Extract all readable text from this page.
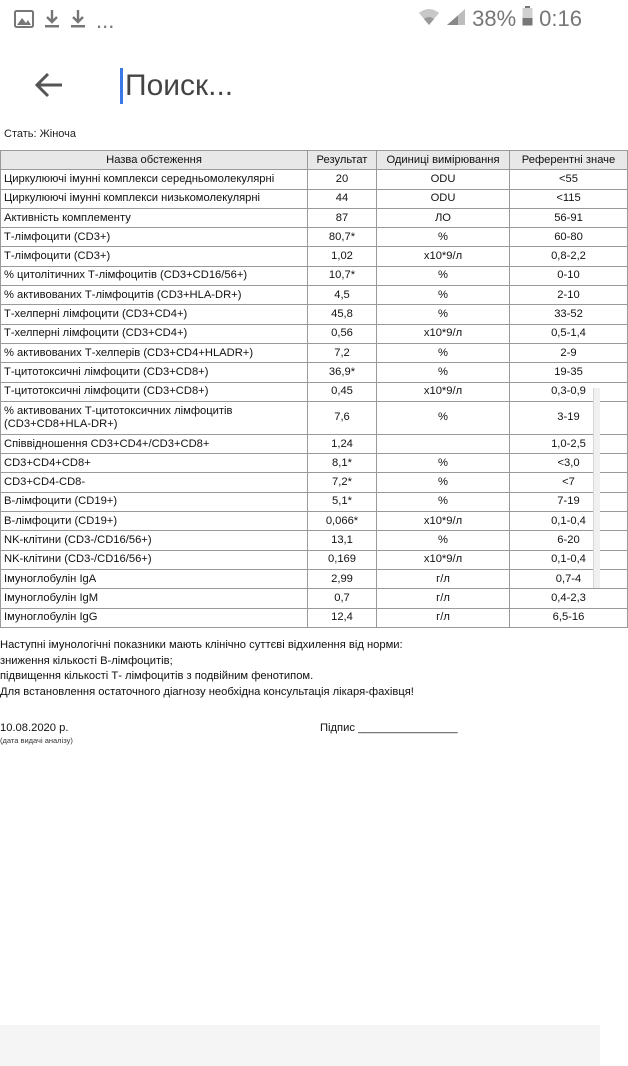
...	38% 0:16
Поиск...
Стать: Жіноча
Назва обстеження	Результат	Одиниці вимірювання	Референтні значе
Циркулюючі імунні комплекси середньомолекулярні	20	ODU	<55
Циркулюючі імунні комплекси низькомолекулярні	44	ODU	<115
Активність комплементу	87	ЛО	56-91
Т-лімфоцити (CD3+)	80,7*	%	60-80
Т-лімфоцити (CD3+)	1,02	x10*9/л	0,8-2,2
% цитолітичних Т-лімфоцитів (CD3+CD16/56+)	10,7*	%	0-10
% активованих Т-лімфоцитів (CD3+HLA-DR+)	4,5	%	2-10
Т-хелперні лімфоцити (CD3+CD4+)	45,8	%	33-52
Т-хелперні лімфоцити (CD3+CD4+)	0,56	x10*9/л	0,5-1,4
% активованих Т-хелперів (CD3+CD4+HLADR+)	7,2	%	2-9
Т-цитотоксичні лімфоцити (CD3+CD8+)	36,9*	%	19-35
Т-цитотоксичні лімфоцити (CD3+CD8+)	0,45	x10*9/л	0,3-0,9
% активованих Т-цитотоксичних лімфоцитів (CD3+CD8+HLA-DR+)	7,6	%	3-19
Співвідношення CD3+CD4+/CD3+CD8+	1,24		1,0-2,5
CD3+CD4+CD8+	8,1*	%	<3,0
CD3+CD4-CD8-	7,2*	%	<7
В-лімфоцити (CD19+)	5,1*	%	7-19
В-лімфоцити (CD19+)	0,066*	x10*9/л	0,1-0,4
NK-клітини (CD3-/CD16/56+)	13,1	%	6-20
NK-клітини (CD3-/CD16/56+)	0,169	x10*9/л	0,1-0,4
Імуноглобулін IgA	2,99	г/л	0,7-4
Імуноглобулін IgM	0,7	г/л	0,4-2,3
Імуноглобулін IgG	12,4	г/л	6,5-16
Наступні імунологічні показники мають клінічно суттєві відхилення від норми:
зниження кількості В-лімфоцитів;
підвищення кількості Т- лімфоцитів з подвійним фенотипом.
Для встановлення остаточного діагнозу необхідна консультація лікаря-фахівця!
10.08.2020 р.
(дата видачі аналізу)
Підпис ________________
